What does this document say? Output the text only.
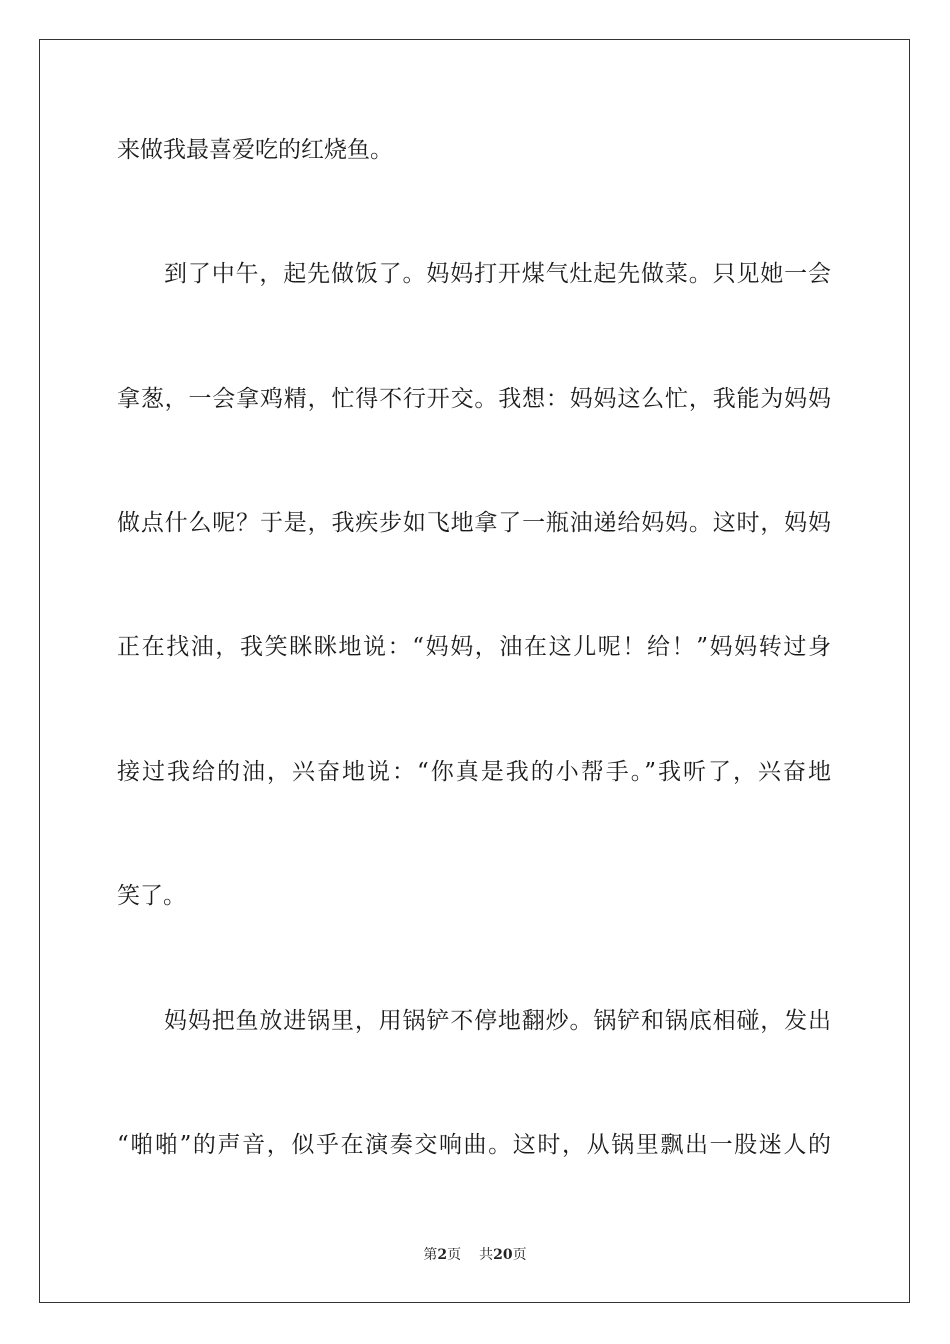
来做我最喜爱吃的红烧鱼。
到了中午，起先做饭了。妈妈打开煤气灶起先做菜。只见她一会
拿葱，一会拿鸡精，忙得不行开交。我想：妈妈这么忙，我能为妈妈
做点什么呢？于是，我疾步如飞地拿了一瓶油递给妈妈。这时，妈妈
正在找油，我笑眯眯地说：“妈妈，油在这儿呢！给！”妈妈转过身
接过我给的油，兴奋地说：“你真是我的小帮手。”我听了，兴奋地
笑了。
妈妈把鱼放进锅里，用锅铲不停地翻炒。锅铲和锅底相碰，发出
“啪啪”的声音，似乎在演奏交响曲。这时，从锅里飘出一股迷人的
第2页 共20页
